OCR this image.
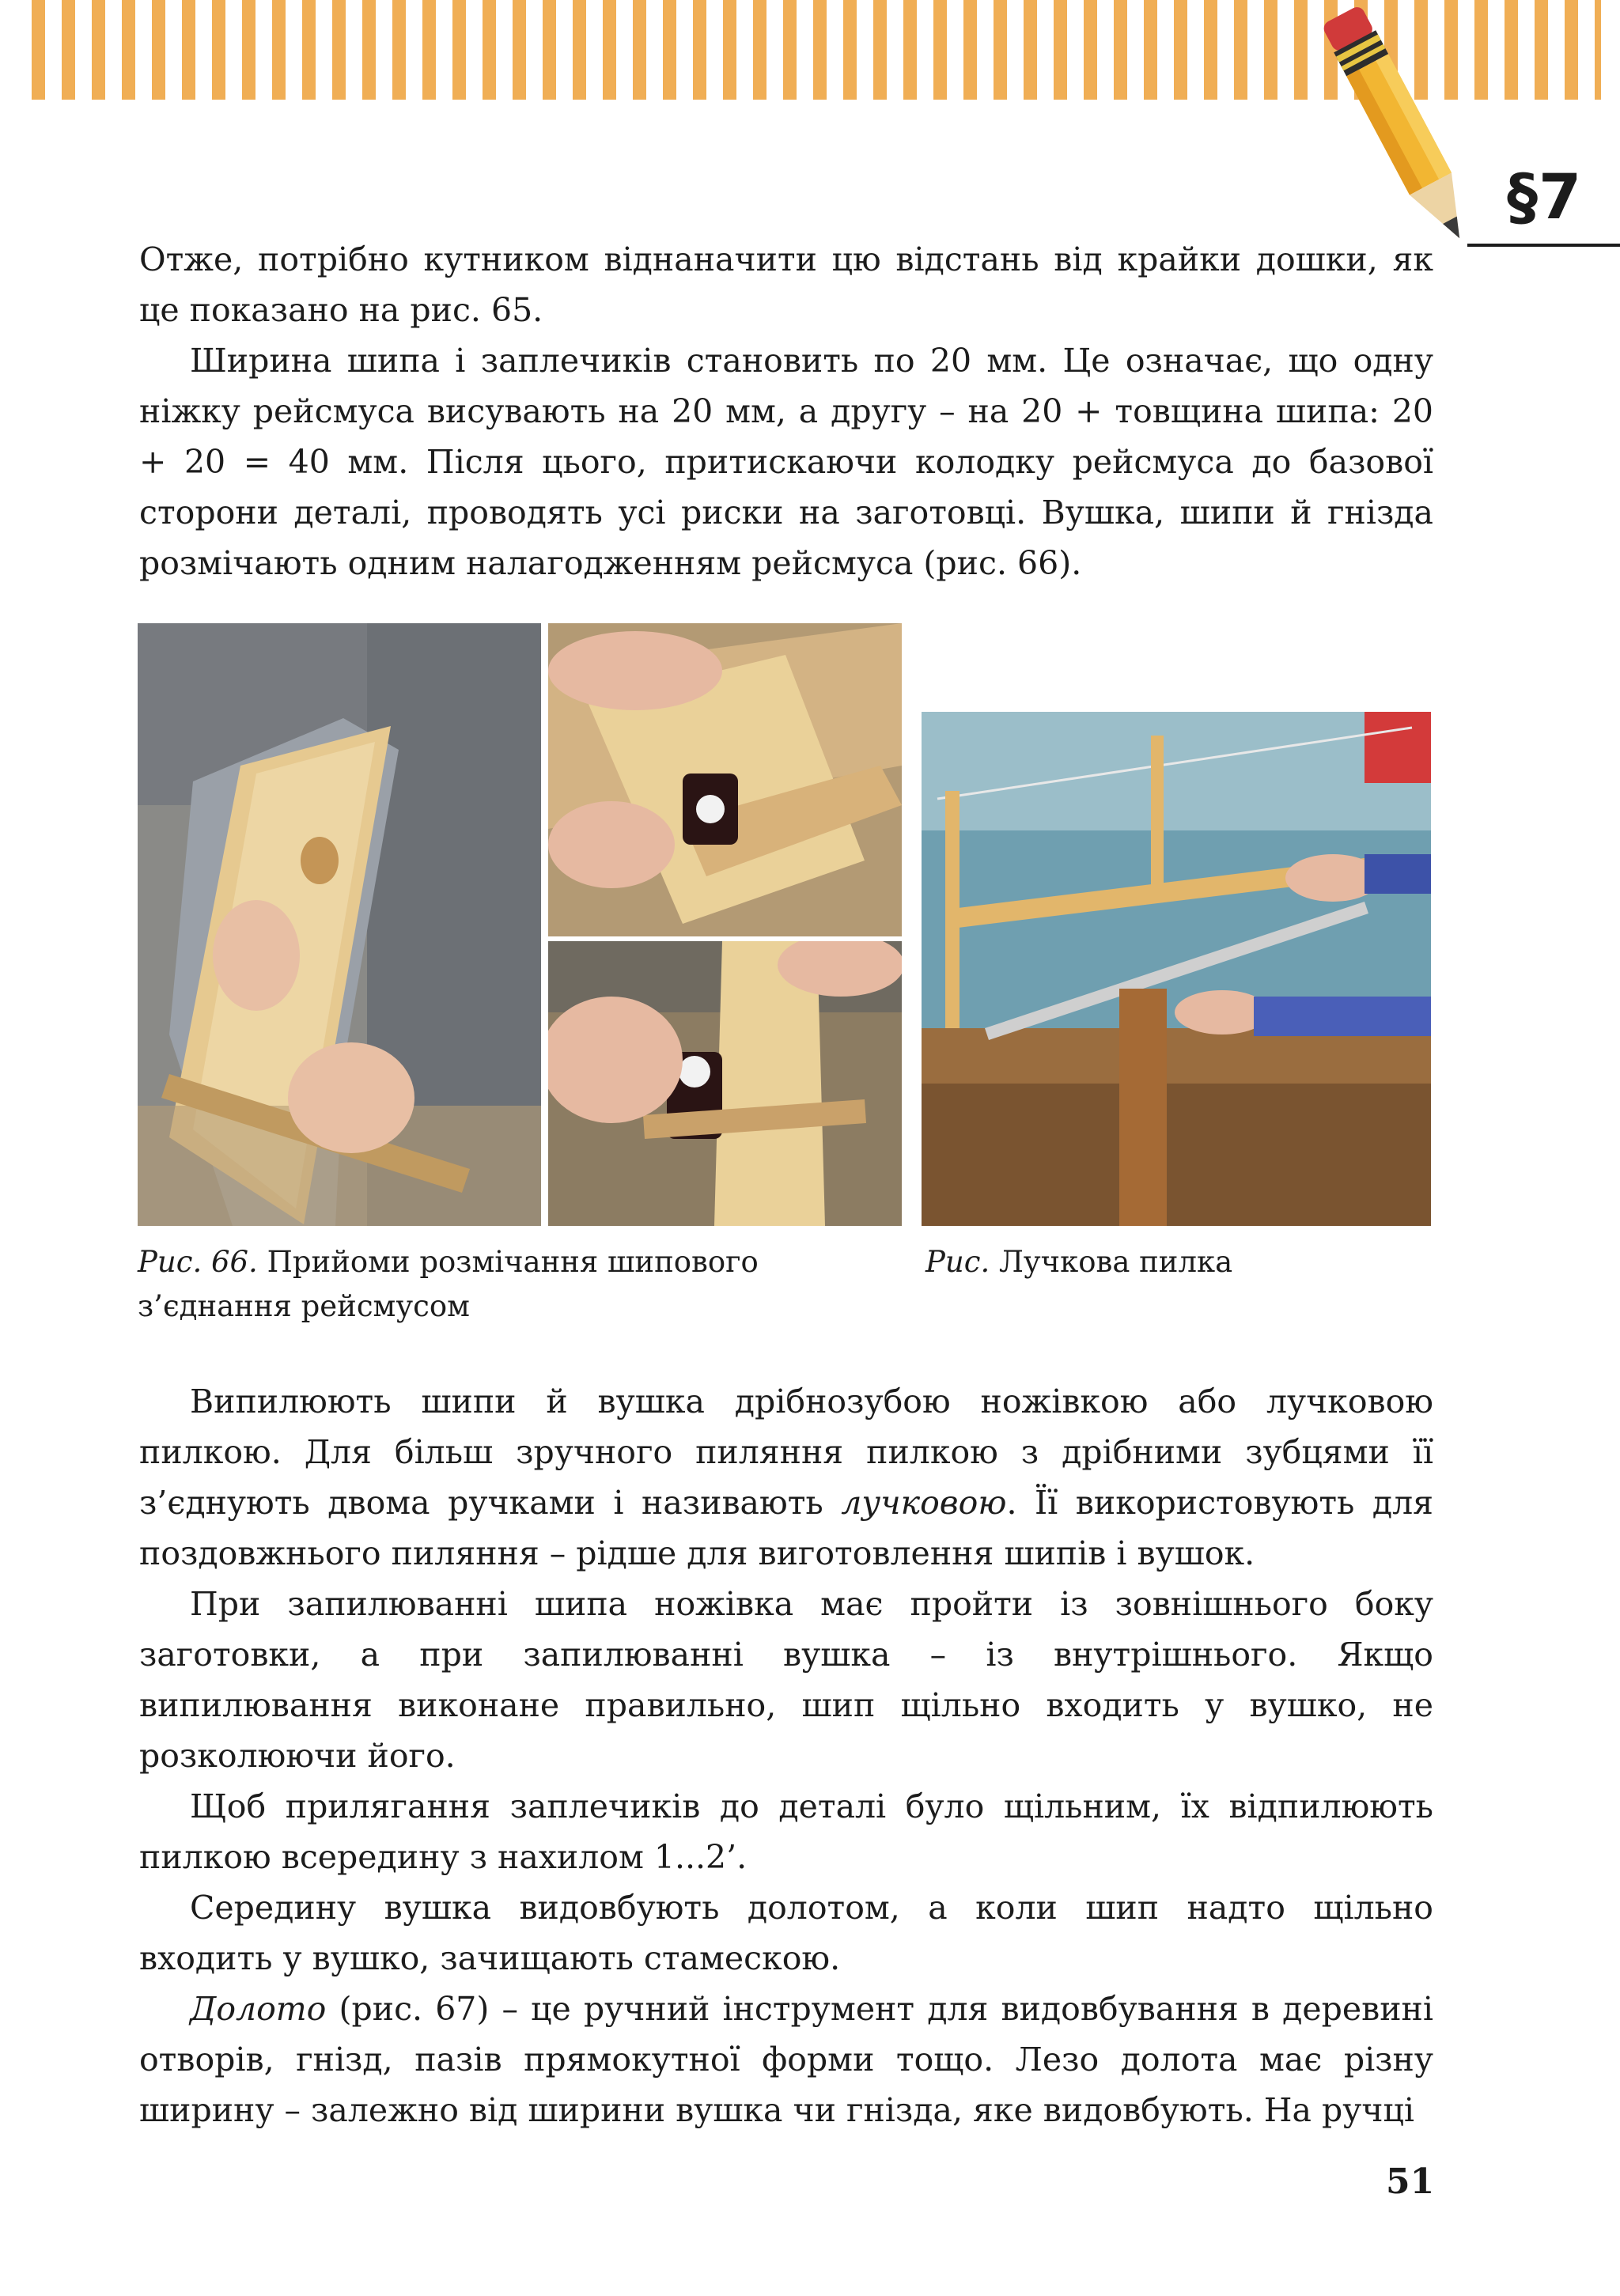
§7

Отже, потрібно кутником віднаначити цю відстань від крайки дошки, як це показано на рис. 65.

Ширина шипа і заплечиків становить по 20 мм. Це означає, що одну ніжку рейсмуса висувають на 20 мм, а другу – на 20 + товщина шипа: 20 + 20 = 40 мм. Після цього, притискаючи колодку рейсмуса до базової сторони деталі, проводять усі риски на заготовці. Вушка, шипи й гнізда розмічають одним налагодженням рейсмуса (рис. 66).

Рис. 66. Прийоми розмічання шипового з’єднання рейсмусом
Рис. Лучкова пилка

Випилюють шипи й вушка дрібнозубою ножівкою або лучковою пилкою. Для більш зручного пиляння пилкою з дрібними зубцями її з’єднують двома ручками і називають лучковою. Її використовують для поздовжнього пиляння – рідше для виготовлення шипів і вушок.

При запилюванні шипа ножівка має пройти із зовнішнього боку заготовки, а при запилюванні вушка – із внутрішнього. Якщо випилювання виконане правильно, шип щільно входить у вушко, не розколюючи його.

Щоб прилягання заплечиків до деталі було щільним, їх відпилюють пилкою всередину з нахилом 1...2’.

Середину вушка видовбують долотом, а коли шип надто щільно входить у вушко, зачищають стамескою.

Долото (рис. 67) – це ручний інструмент для видовбування в деревині отворів, гнізд, пазів прямокутної форми тощо. Лезо долота має різну ширину – залежно від ширини вушка чи гнізда, яке видовбують. На ручці

51
